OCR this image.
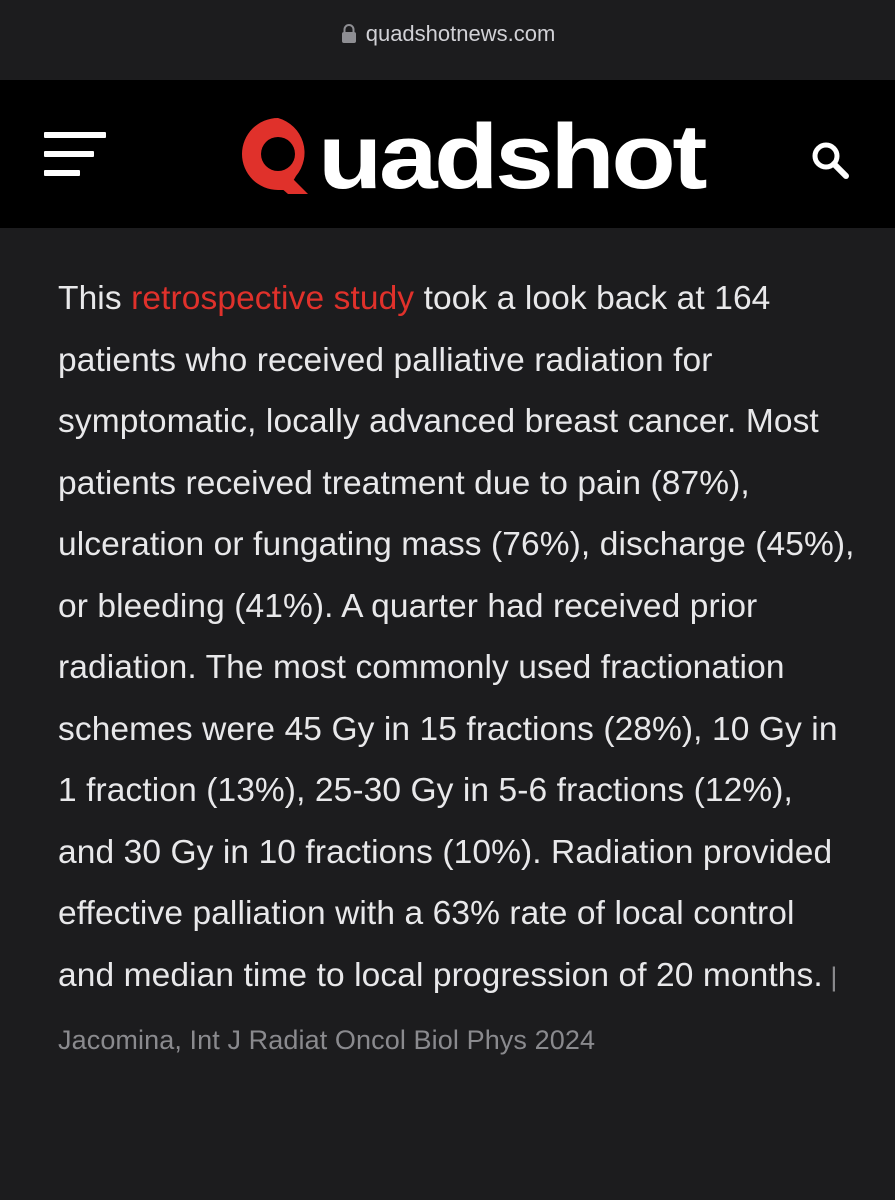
quadshotnews.com
uadshot
This retrospective study took a look back at 164 patients who received palliative radiation for symptomatic, locally advanced breast cancer. Most patients received treatment due to pain (87%), ulceration or fungating mass (76%), discharge (45%), or bleeding (41%). A quarter had received prior radiation. The most commonly used fractionation schemes were 45 Gy in 15 fractions (28%), 10 Gy in 1 fraction (13%), 25-30 Gy in 5-6 fractions (12%), and 30 Gy in 10 fractions (10%). Radiation provided effective palliation with a 63% rate of local control and median time to local progression of 20 months. | Jacomina, Int J Radiat Oncol Biol Phys 2024
